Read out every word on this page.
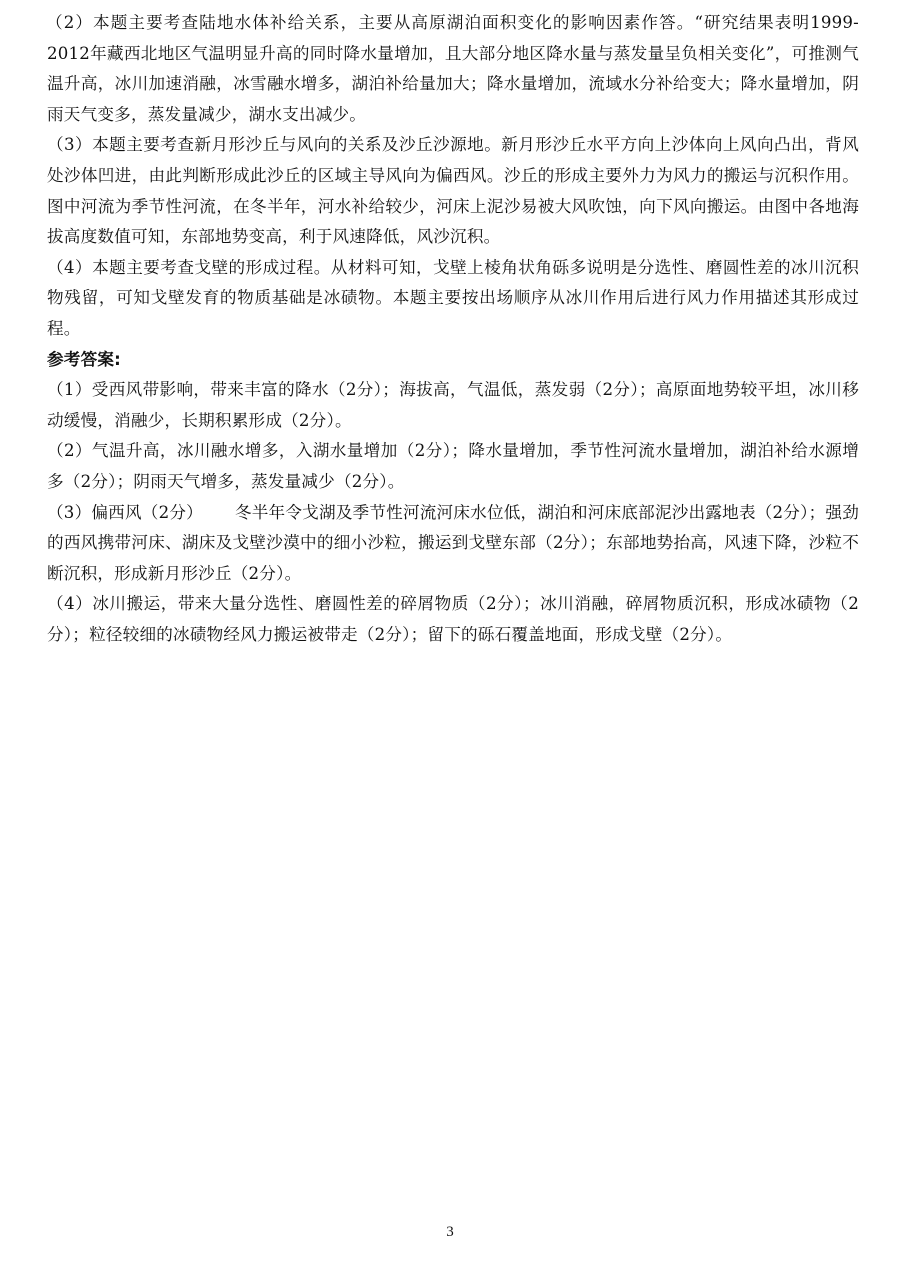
（2）本题主要考查陆地水体补给关系，主要从高原湖泊面积变化的影响因素作答。“研究结果表明1999-2012年藏西北地区气温明显升高的同时降水量增加，且大部分地区降水量与蒸发量呈负相关变化”，可推测气温升高，冰川加速消融，冰雪融水增多，湖泊补给量加大；降水量增加，流域水分补给变大；降水量增加，阴雨天气变多，蒸发量减少，湖水支出减少。

（3）本题主要考查新月形沙丘与风向的关系及沙丘沙源地。新月形沙丘水平方向上沙体向上风向凸出，背风处沙体凹进，由此判断形成此沙丘的区域主导风向为偏西风。沙丘的形成主要外力为风力的搬运与沉积作用。图中河流为季节性河流，在冬半年，河水补给较少，河床上泥沙易被大风吹蚀，向下风向搬运。由图中各地海拔高度数值可知，东部地势变高，利于风速降低，风沙沉积。

（4）本题主要考查戈壁的形成过程。从材料可知，戈壁上棱角状角砾多说明是分选性、磨圆性差的冰川沉积物残留，可知戈壁发育的物质基础是冰碛物。本题主要按出场顺序从冰川作用后进行风力作用描述其形成过程。

参考答案:

（1）受西风带影响，带来丰富的降水（2分）；海拔高，气温低，蒸发弱（2分）；高原面地势较平坦，冰川移动缓慢，消融少，长期积累形成（2分）。

（2）气温升高，冰川融水增多，入湖水量增加（2分）；降水量增加，季节性河流水量增加，湖泊补给水源增多（2分）；阴雨天气增多，蒸发量减少（2分）。

（3）偏西风（2分） 冬半年令戈湖及季节性河流河床水位低，湖泊和河床底部泥沙出露地表（2分）；强劲的西风携带河床、湖床及戈壁沙漠中的细小沙粒，搬运到戈壁东部（2分）；东部地势抬高，风速下降，沙粒不断沉积，形成新月形沙丘（2分）。

（4）冰川搬运，带来大量分选性、磨圆性差的碎屑物质（2分）；冰川消融，碎屑物质沉积，形成冰碛物（2分）；粒径较细的冰碛物经风力搬运被带走（2分）；留下的砾石覆盖地面，形成戈壁（2分）。

3
